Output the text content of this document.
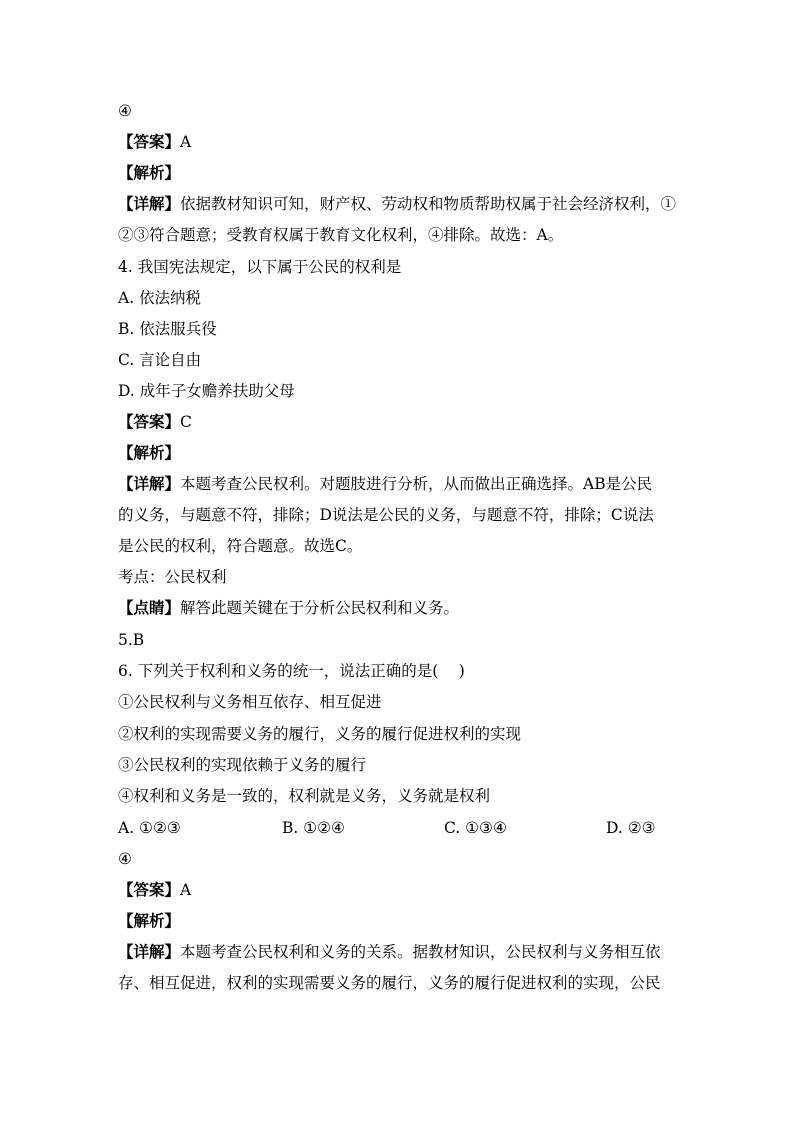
④
【答案】A
【解析】
【详解】依据教材知识可知，财产权、劳动权和物质帮助权属于社会经济权利，①
②③符合题意；受教育权属于教育文化权利，④排除。故选：A。
4. 我国宪法规定，以下属于公民的权利是
A. 依法纳税
B. 依法服兵役
C. 言论自由
D. 成年子女赡养扶助父母
【答案】C
【解析】
【详解】本题考查公民权利。对题肢进行分析，从而做出正确选择。AB是公民
的义务，与题意不符，排除；D说法是公民的义务，与题意不符，排除；C说法
是公民的权利，符合题意。故选C。
考点：公民权利
【点睛】解答此题关键在于分析公民权利和义务。
5.B
6. 下列关于权利和义务的统一，说法正确的是(　 )
①公民权利与义务相互依存、相互促进
②权利的实现需要义务的履行，义务的履行促进权利的实现
③公民权利的实现依赖于义务的履行
④权利和义务是一致的，权利就是义务，义务就是权利
A. ①②③	B. ①②④	C. ①③④	D. ②③
④
【答案】A
【解析】
【详解】本题考查公民权利和义务的关系。据教材知识，公民权利与义务相互依
存、相互促进，权利的实现需要义务的履行，义务的履行促进权利的实现，公民
